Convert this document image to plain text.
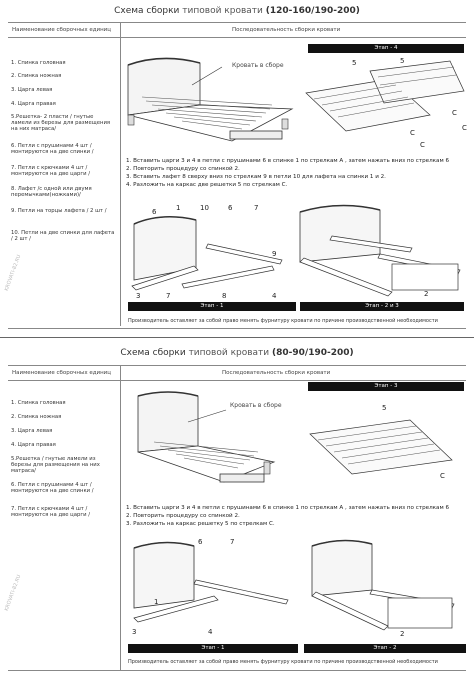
Схема сборки типовой кровати (120-160/190-200)
Наименование сборочных единиц	Последовательность сборки кровати
1. Спинка головная
2. Спинка ножная
3. Царга левая
4. Царга правая
5.Решетка- 2 пласти / гнутые ламели из березы для размещения на них матраса/
6. Петли с прушинами 4 шт /монтируются на две спинки /
7. Петли с крючками 4 шт /монтируются на две царги /
8. Лафет /с одной или двумя перемычками(ножками)/
9. Петли на торцы лафета / 2 шт /
10. Петли на две спинки для лафета / 2 шт /
Кровать в сборе
Этап - 4
5	5
C
C
C
C
1. Вставить царги 3 и 4 в петли с прушинами 6 в спинке 1 по стрелкам А , затем нажать вниз по стрелкам 6
2. Повторить процедуру со спинкой 2.
3. Вставить лафет 8 сверху вниз по стрелкам 9 в петли 10 для лафета на спинки 1 и 2.
4. Разложить на каркас две решетки 5 по стрелкам С.
6	1	10	6	7
9
3	7	8	4
Этап - 1
2
Этап - 2 и 3
Производитель оставляет за собой право менять фурнитуру кровати по причине производственной необходимости
KROVATI-82.RU
Схема сборки типовой кровати (80-90/190-200)
Наименование сборочных единиц	Последовательность сборки кровати
1. Спинка головная
2. Спинка ножная
3. Царга левая
4. Царга правая
5.Решетка / гнутые ламели из березы для размещения на них матраса/
6. Петли с прушинами 4 шт /монтируются на две спинки /
7. Петли с крючками 4 шт /монтируются на две царги /
Кровать в сборе
Этап - 3
5
C
1. Вставить царги 3 и 4 в петли с прушинами 6 в спинке 1 по стрелкам А , затем нажать вниз по стрелкам 6
2. Повторить процедуру со спинкой 2.
3. Разложить на каркас решетку 5 по стрелкам С.
6	7
1
3	4
Этап - 1
2
Этап - 2
Производитель оставляет за собой право менять фурнитуру кровати по причине производственной необходимости
KROVATI-82.RU
